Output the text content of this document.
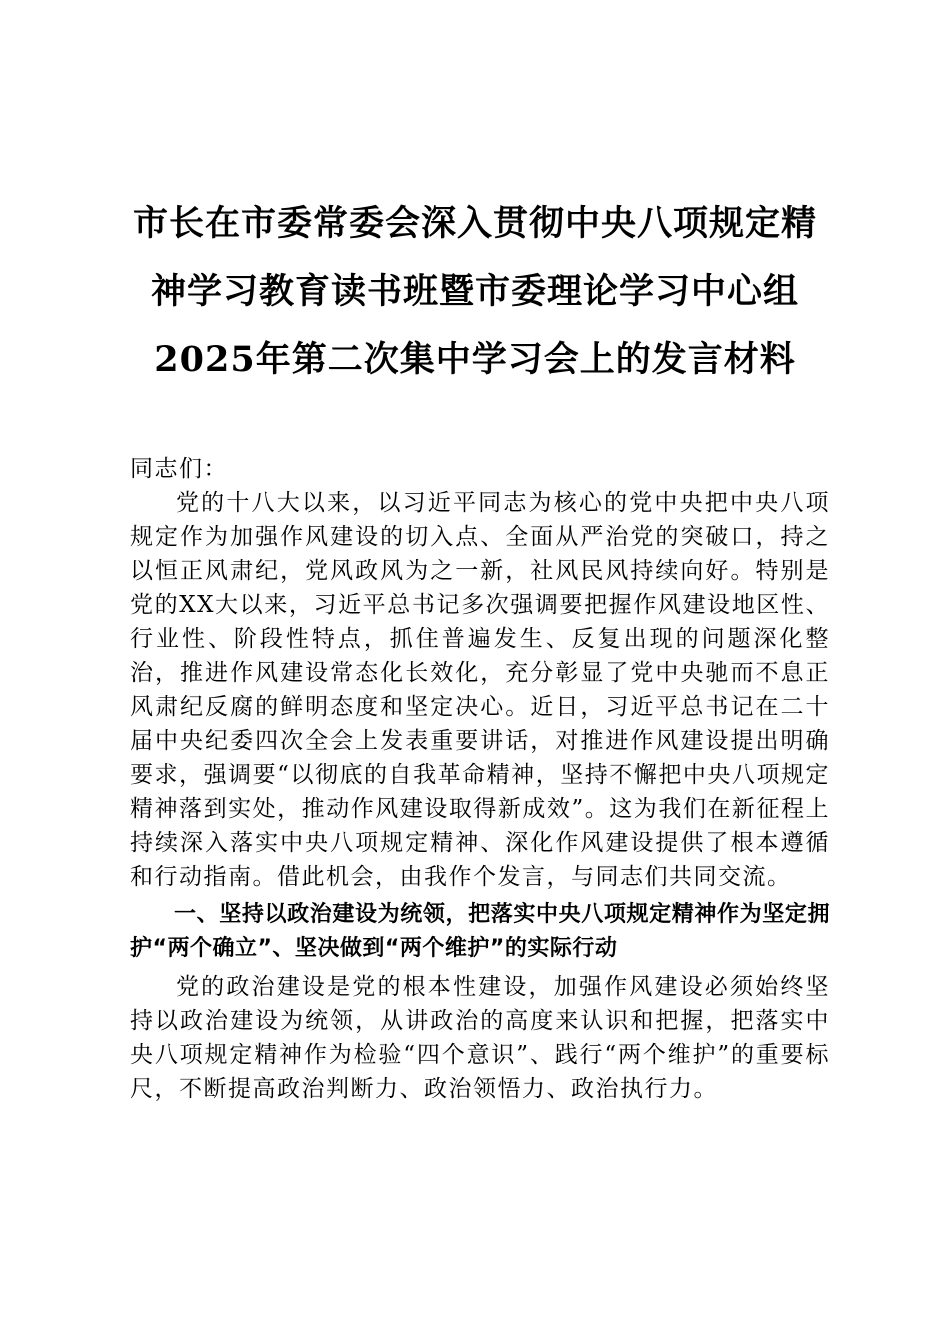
市长在市委常委会深入贯彻中央八项规定精神学习教育读书班暨市委理论学习中心组2025年第二次集中学习会上的发言材料

同志们：

党的十八大以来，以习近平同志为核心的党中央把中央八项规定作为加强作风建设的切入点、全面从严治党的突破口，持之以恒正风肃纪，党风政风为之一新，社风民风持续向好。特别是党的XX大以来，习近平总书记多次强调要把握作风建设地区性、行业性、阶段性特点，抓住普遍发生、反复出现的问题深化整治，推进作风建设常态化长效化，充分彰显了党中央驰而不息正风肃纪反腐的鲜明态度和坚定决心。近日，习近平总书记在二十届中央纪委四次全会上发表重要讲话，对推进作风建设提出明确要求，强调要“以彻底的自我革命精神，坚持不懈把中央八项规定精神落到实处，推动作风建设取得新成效”。这为我们在新征程上持续深入落实中央八项规定精神、深化作风建设提供了根本遵循和行动指南。借此机会，由我作个发言，与同志们共同交流。

一、坚持以政治建设为统领，把落实中央八项规定精神作为坚定拥护“两个确立”、坚决做到“两个维护”的实际行动

党的政治建设是党的根本性建设，加强作风建设必须始终坚持以政治建设为统领，从讲政治的高度来认识和把握，把落实中央八项规定精神作为检验“四个意识”、践行“两个维护”的重要标尺，不断提高政治判断力、政治领悟力、政治执行力。
